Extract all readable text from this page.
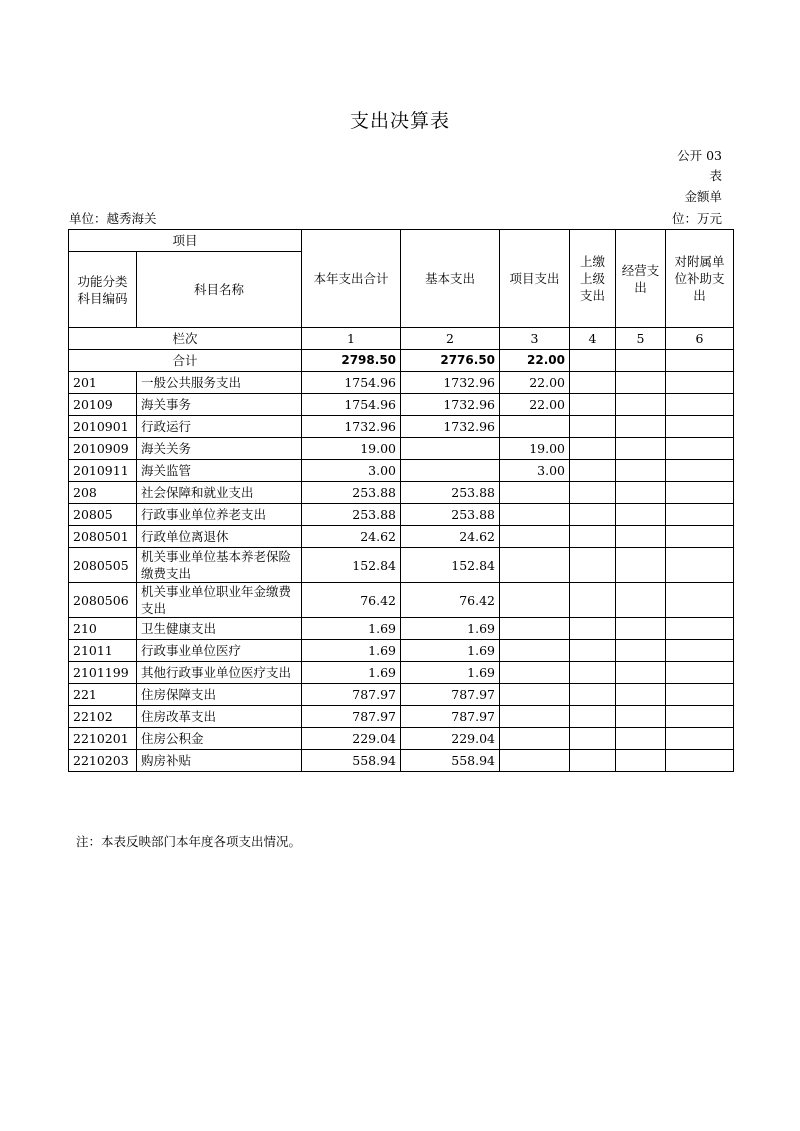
支出决算表
公开 03
表
金额单
位：万元
单位：越秀海关
项目		本年支出合计	基本支出	项目支出	上缴上级支出	经营支出	对附属单位补助支出
功能分类科目编码	科目名称						
栏次		1	2	3	4	5	6
合计		2798.50	2776.50	22.00			
201	一般公共服务支出	1754.96	1732.96	22.00			
20109	海关事务	1754.96	1732.96	22.00			
2010901	行政运行	1732.96	1732.96				
2010909	海关关务	19.00		19.00			
2010911	海关监管	3.00		3.00			
208	社会保障和就业支出	253.88	253.88				
20805	行政事业单位养老支出	253.88	253.88				
2080501	行政单位离退休	24.62	24.62				
2080505	机关事业单位基本养老保险缴费支出	152.84	152.84				
2080506	机关事业单位职业年金缴费支出	76.42	76.42				
210	卫生健康支出	1.69	1.69				
21011	行政事业单位医疗	1.69	1.69				
2101199	其他行政事业单位医疗支出	1.69	1.69				
221	住房保障支出	787.97	787.97				
22102	住房改革支出	787.97	787.97				
2210201	住房公积金	229.04	229.04				
2210203	购房补贴	558.94	558.94				
注：本表反映部门本年度各项支出情况。
